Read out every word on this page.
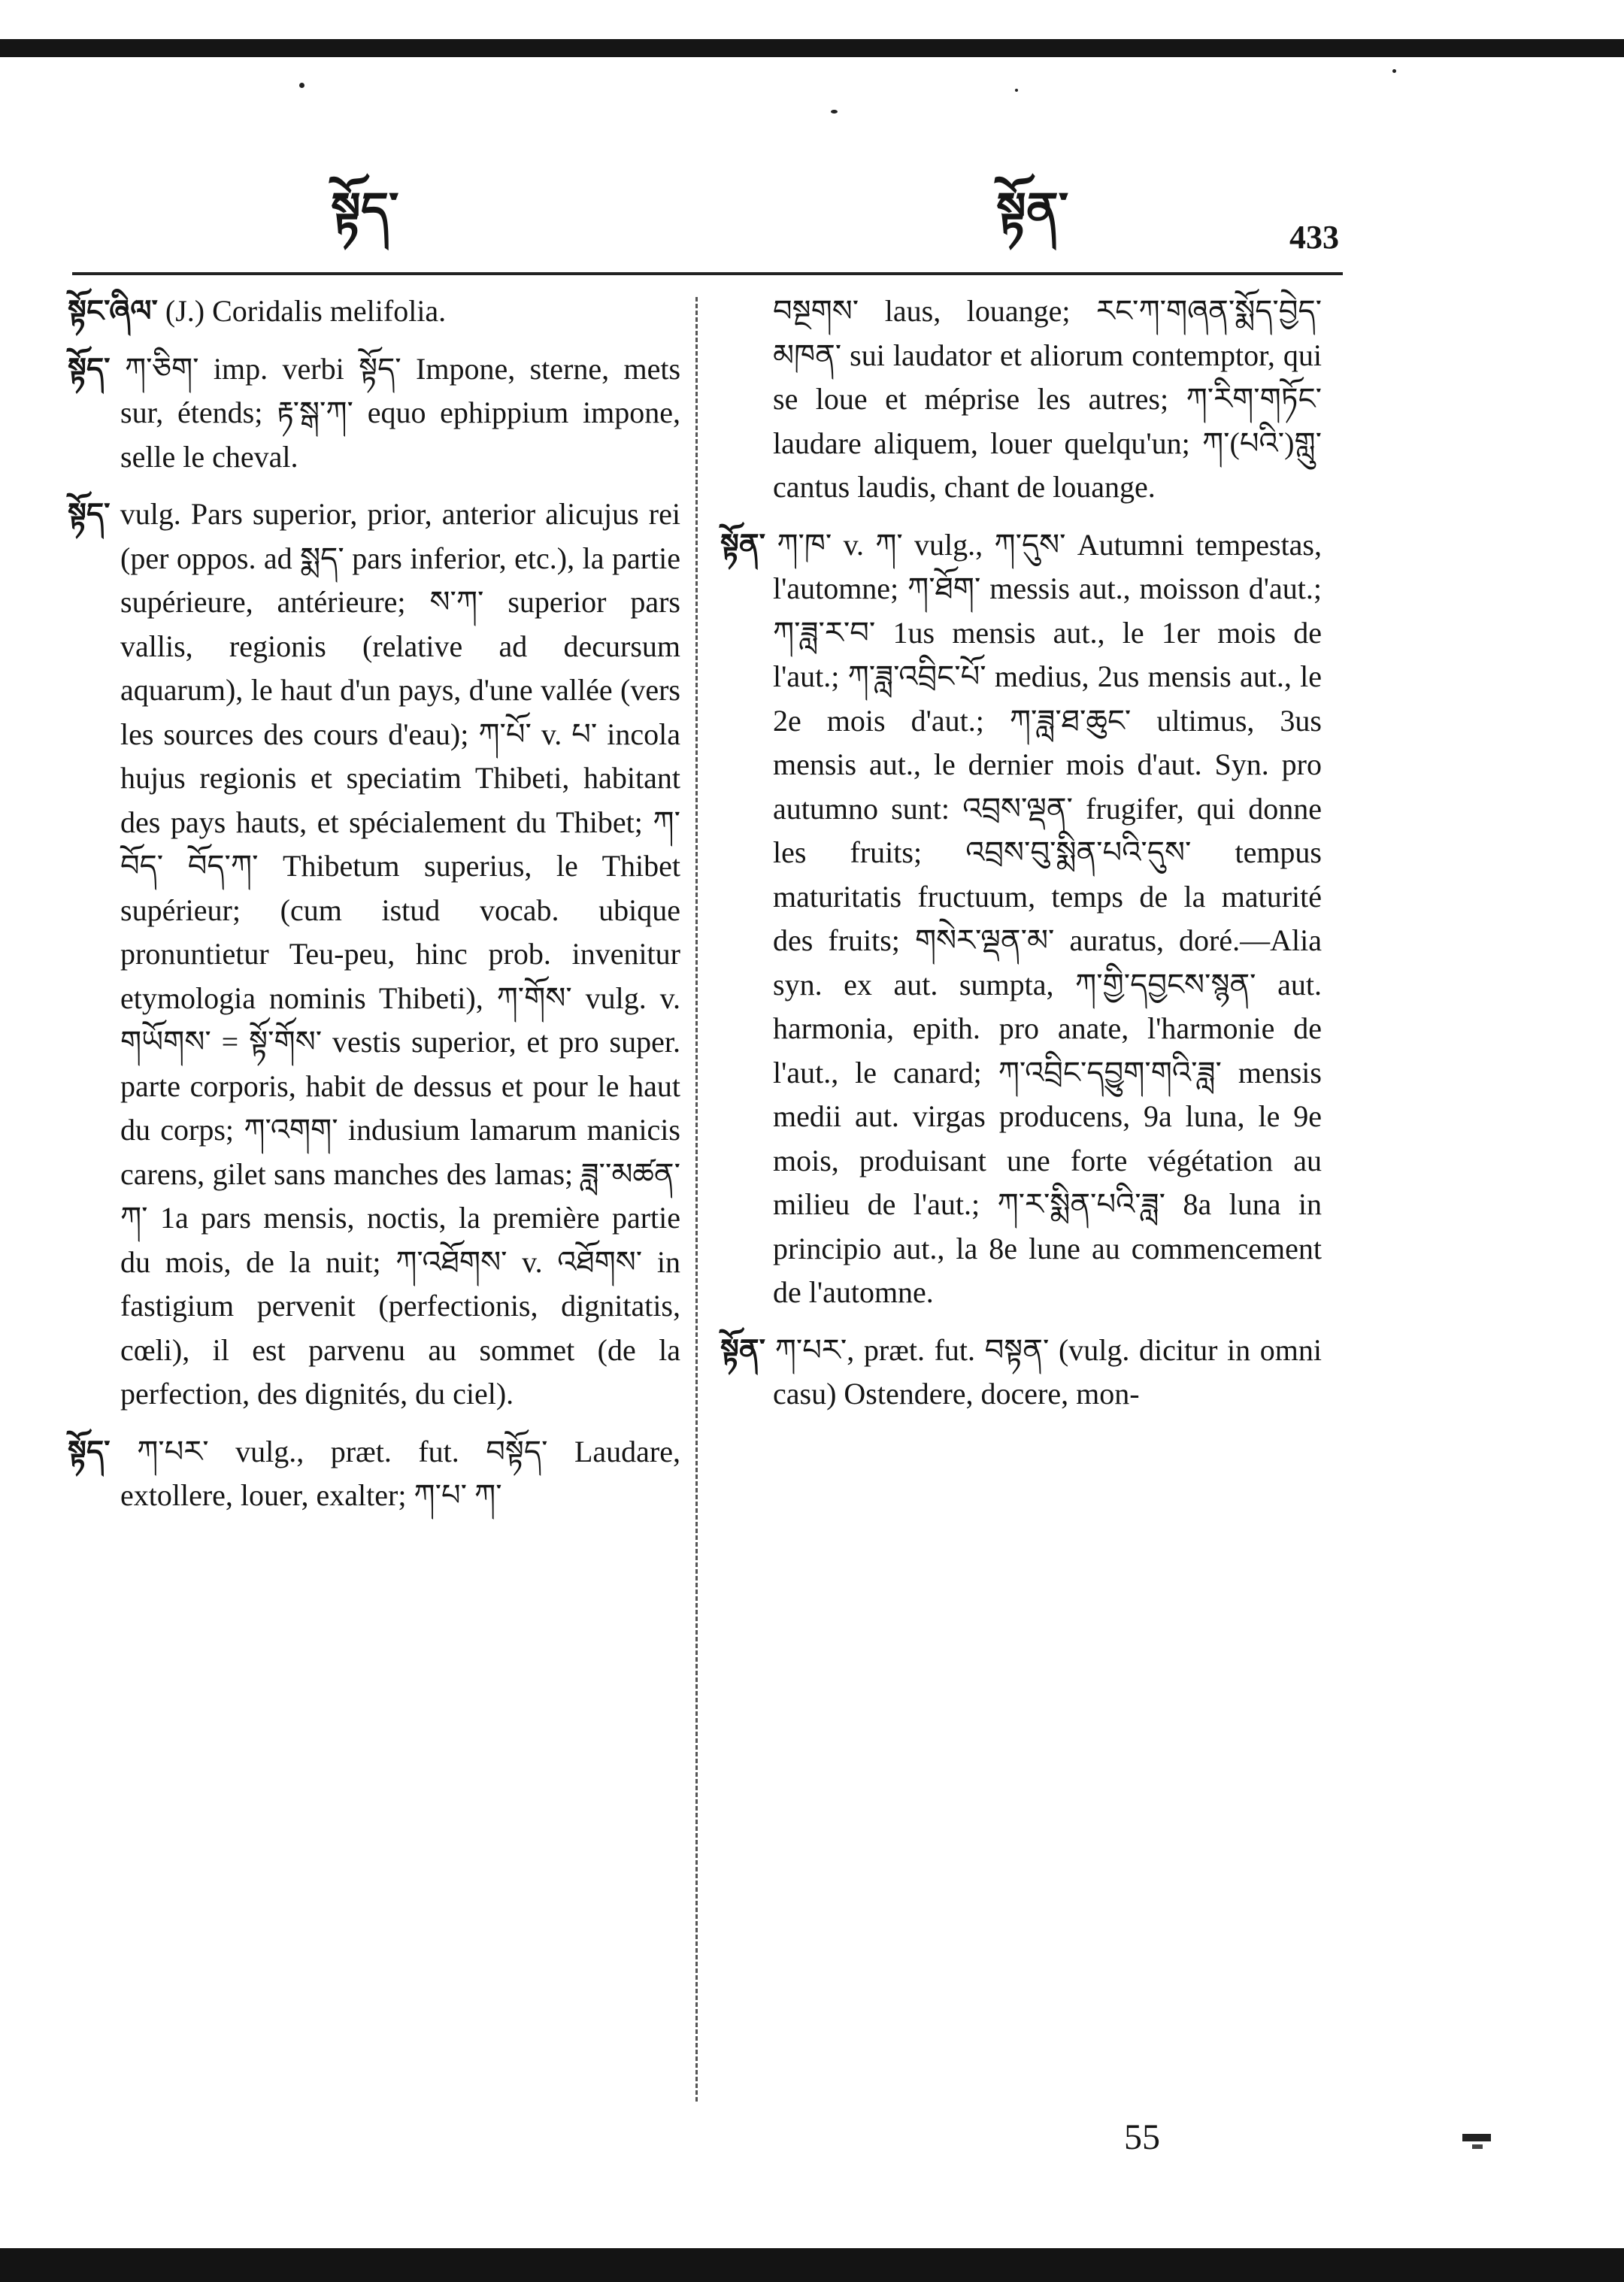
སྟོད་	སྟོན་
433

སྟོང་ཞིལ་ (J.) Coridalis melifolia.

སྟོད་ ཀ་ཅིག་ imp. verbi སྟོད་ Impone, sterne, mets sur, étends; རྟ་སྒ་ཀ་ equo ephippium impone, selle le cheval.

སྟོད་ vulg. Pars superior, prior, anterior alicujus rei (per oppos. ad སྨད་ pars inferior, etc.), la partie supérieure, antérieure; ས་ཀ་ superior pars vallis, regionis (relative ad decursum aquarum), le haut d'un pays, d'une vallée (vers les sources des cours d'eau); ཀ་པོ་ v. པ་ incola hujus regionis et speciatim Thibeti, habitant des pays hauts, et spécialement du Thibet; ཀ་བོད་ བོད་ཀ་ Thibetum superius, le Thibet supérieur; (cum istud vocab. ubique pronuntietur Teu-peu, hinc prob. invenitur etymologia nominis Thibeti), ཀ་གོས་ vulg. v. གཡོགས་ = སྟོ་གོས་ vestis superior, et pro super. parte corporis, habit de dessus et pour le haut du corps; ཀ་འགག་ indusium lamarum manicis carens, gilet sans manches des lamas; ཟླ་་མཚན་ཀ་ 1a pars mensis, noctis, la première partie du mois, de la nuit; ཀ་འཐོགས་ v. འཐོགས་ in fastigium pervenit (perfectionis, dignitatis, cœli), il est parvenu au sommet (de la perfection, des dignités, du ciel).

སྟོད་ ཀ་པར་ vulg., præt. fut. བསྟོད་ Laudare, extollere, louer, exalter; ཀ་པ་ ཀ་

བསྔགས་ laus, louange; རང་ཀ་གཞན་སྨོད་བྱེད་མཁན་ sui laudator et aliorum contemptor, qui se loue et méprise les autres; ཀ་རིག་གཏོང་ laudare aliquem, louer quelqu'un; ཀ་(པའི་)གླུ་ cantus laudis, chant de louange.

སྟོན་ ཀ་ཁ་ v. ཀ་ vulg., ཀ་དུས་ Autumni tempestas, l'automne; ཀ་ཐོག་ messis aut., moisson d'aut.; ཀ་ཟླ་ར་བ་ 1us mensis aut., le 1er mois de l'aut.; ཀ་ཟླ་འབྲིང་པོ་ medius, 2us mensis aut., le 2e mois d'aut.; ཀ་ཟླ་ཐ་ཆུང་ ultimus, 3us mensis aut., le dernier mois d'aut. Syn. pro autumno sunt: འབྲས་ལྡན་ frugifer, qui donne les fruits; འབྲས་བུ་སྨིན་པའི་དུས་ tempus maturitatis fructuum, temps de la maturité des fruits; གསེར་ལྡན་མ་ auratus, doré.—Alia syn. ex aut. sumpta, ཀ་གྱི་དབྱངས་སྙན་ aut. harmonia, epith. pro anate, l'harmonie de l'aut., le canard; ཀ་འབྲིང་དབྱུག་གའི་ཟླ་ mensis medii aut. virgas producens, 9a luna, le 9e mois, produisant une forte végétation au milieu de l'aut.; ཀ་ར་སྨིན་པའི་ཟླ་ 8a luna in principio aut., la 8e lune au commencement de l'automne.

སྟོན་ ཀ་པར་, præt. fut. བསྟན་ (vulg. dicitur in omni casu) Ostendere, docere, mon-

55
